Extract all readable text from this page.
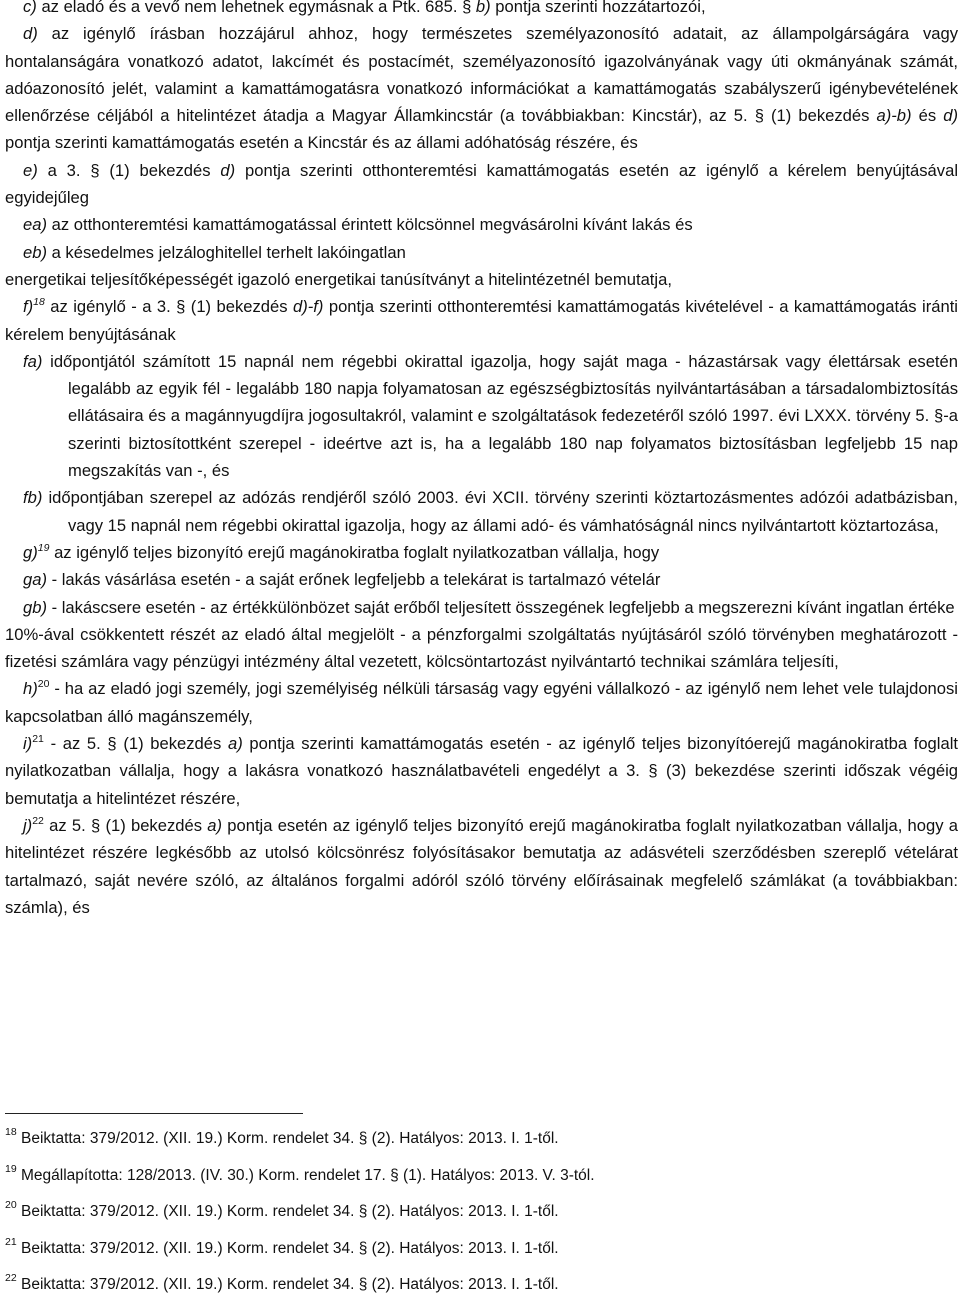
c) az eladó és a vevő nem lehetnek egymásnak a Ptk. 685. § b) pontja szerinti hozzátartozói,

d) az igénylő írásban hozzájárul ahhoz, hogy természetes személyazonosító adatait, az állampolgárságára vagy hontalanságára vonatkozó adatot, lakcímét és postacímét, személyazonosító igazolványának vagy úti okmányának számát, adóazonosító jelét, valamint a kamattámogatásra vonatkozó információkat a kamattámogatás szabályszerű igénybevételének ellenőrzése céljából a hitelintézet átadja a Magyar Államkincstár (a továbbiakban: Kincstár), az 5. § (1) bekezdés a)-b) és d) pontja szerinti kamattámogatás esetén a Kincstár és az állami adóhatóság részére, és

e) a 3. § (1) bekezdés d) pontja szerinti otthonteremtési kamattámogatás esetén az igénylő a kérelem benyújtásával egyidejűleg

ea) az otthonteremtési kamattámogatással érintett kölcsönnel megvásárolni kívánt lakás és

eb) a késedelmes jelzáloghitellel terhelt lakóingatlan

energetikai teljesítőképességét igazoló energetikai tanúsítványt a hitelintézetnél bemutatja,

f)$^{18}$ az igénylő - a 3. § (1) bekezdés d)-f) pontja szerinti otthonteremtési kamattámogatás kivételével - a kamattámogatás iránti kérelem benyújtásának

fa) időpontjától számított 15 napnál nem régebbi okirattal igazolja, hogy saját maga - házastársak vagy élettársak esetén legalább az egyik fél - legalább 180 napja folyamatosan az egészségbiztosítás nyilvántartásában a társadalombiztosítás ellátásaira és a magánnyugdíjra jogosultakról, valamint e szolgáltatások fedezetéről szóló 1997. évi LXXX. törvény 5. §-a szerinti biztosítottként szerepel - ideértve azt is, ha a legalább 180 nap folyamatos biztosításban legfeljebb 15 nap megszakítás van -, és

fb) időpontjában szerepel az adózás rendjéről szóló 2003. évi XCII. törvény szerinti köztartozásmentes adózói adatbázisban, vagy 15 napnál nem régebbi okirattal igazolja, hogy az állami adó- és vámhatóságnál nincs nyilvántartott köztartozása,

g)$^{19}$ az igénylő teljes bizonyító erejű magánokiratba foglalt nyilatkozatban vállalja, hogy

ga) - lakás vásárlása esetén - a saját erőnek legfeljebb a telekárat is tartalmazó vételár

gb) - lakáscsere esetén - az értékkülönbözet saját erőből teljesített összegének legfeljebb a megszerezni kívánt ingatlan értéke

10%-ával csökkentett részét az eladó által megjelölt - a pénzforgalmi szolgáltatás nyújtásáról szóló törvényben meghatározott - fizetési számlára vagy pénzügyi intézmény által vezetett, kölcsöntartozást nyilvántartó technikai számlára teljesíti,

h)$^{20}$ - ha az eladó jogi személy, jogi személyiség nélküli társaság vagy egyéni vállalkozó - az igénylő nem lehet vele tulajdonosi kapcsolatban álló magánszemély,

i)$^{21}$ - az 5. § (1) bekezdés a) pontja szerinti kamattámogatás esetén - az igénylő teljes bizonyítóerejű magánokiratba foglalt nyilatkozatban vállalja, hogy a lakásra vonatkozó használatbavételi engedélyt a 3. § (3) bekezdése szerinti időszak végéig bemutatja a hitelintézet részére,

j)$^{22}$ az 5. § (1) bekezdés a) pontja esetén az igénylő teljes bizonyító erejű magánokiratba foglalt nyilatkozatban vállalja, hogy a hitelintézet részére legkésőbb az utolsó kölcsönrész folyósításakor bemutatja az adásvételi szerződésben szereplő vételárat tartalmazó, saját nevére szóló, az általános forgalmi adóról szóló törvény előírásainak megfelelő számlákat (a továbbiakban: számla), és

$^{18}$ Beiktatta: 379/2012. (XII. 19.) Korm. rendelet 34. § (2). Hatályos: 2013. I. 1-től.
$^{19}$ Megállapította: 128/2013. (IV. 30.) Korm. rendelet 17. § (1). Hatályos: 2013. V. 3-tól.
$^{20}$ Beiktatta: 379/2012. (XII. 19.) Korm. rendelet 34. § (2). Hatályos: 2013. I. 1-től.
$^{21}$ Beiktatta: 379/2012. (XII. 19.) Korm. rendelet 34. § (2). Hatályos: 2013. I. 1-től.
$^{22}$ Beiktatta: 379/2012. (XII. 19.) Korm. rendelet 34. § (2). Hatályos: 2013. I. 1-től.
